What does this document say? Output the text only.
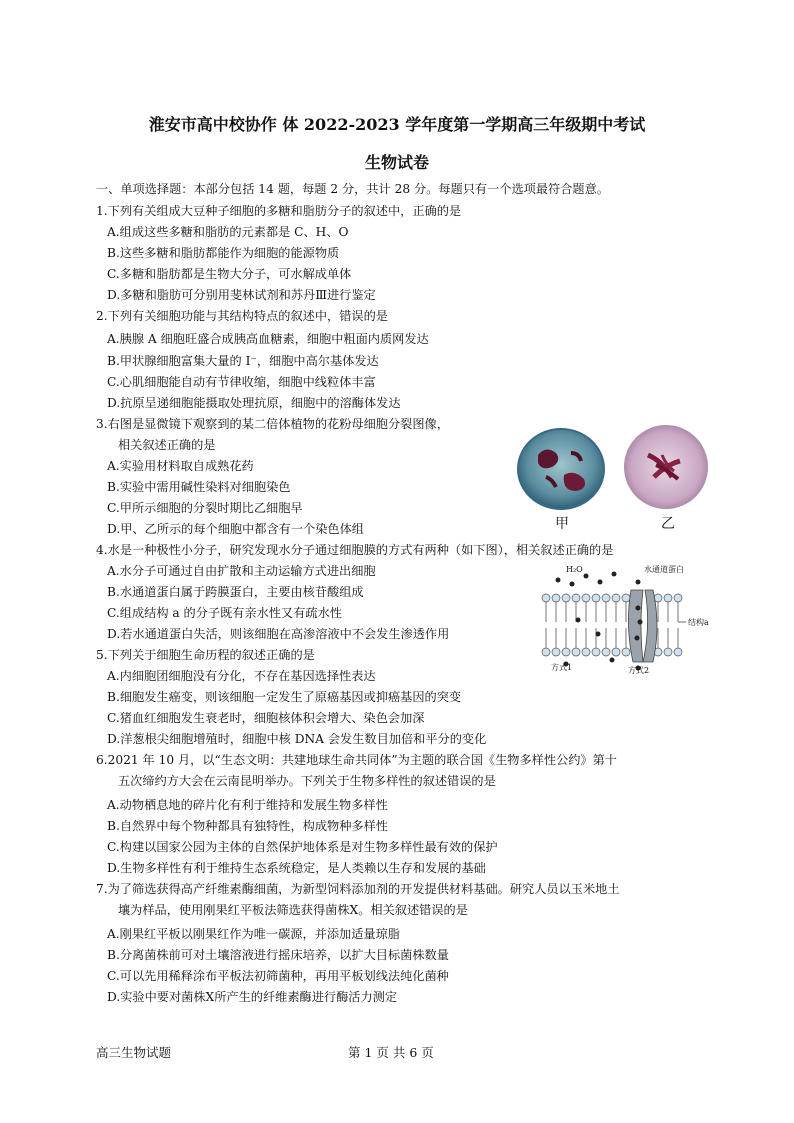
淮安市高中校协作 体 2022-2023 学年度第一学期高三年级期中考试
生物试卷
一、单项选择题：本部分包括 14 题，每题 2 分，共计 28 分。每题只有一个选项最符合题意。
1.下列有关组成大豆种子细胞的多糖和脂肪分子的叙述中，正确的是
A.组成这些多糖和脂肪的元素都是 C、H、O
B.这些多糖和脂肪都能作为细胞的能源物质
C.多糖和脂肪都是生物大分子，可水解成单体
D.多糖和脂肪可分别用斐林试剂和苏丹Ⅲ进行鉴定
2.下列有关细胞功能与其结构特点的叙述中，错误的是
A.胰腺 A 细胞旺盛合成胰高血糖素，细胞中粗面内质网发达
B.甲状腺细胞富集大量的 I⁻，细胞中高尔基体发达
C.心肌细胞能自动有节律收缩，细胞中线粒体丰富
D.抗原呈递细胞能摄取处理抗原，细胞中的溶酶体发达
3.右图是显微镜下观察到的某二倍体植物的花粉母细胞分裂图像，
相关叙述正确的是
A.实验用材料取自成熟花药
B.实验中需用碱性染料对细胞染色
C.甲所示细胞的分裂时期比乙细胞早
D.甲、乙所示的每个细胞中都含有一个染色体组	甲	乙
4.水是一种极性小分子，研究发现水分子通过细胞膜的方式有两种（如下图），相关叙述正确的是
A.水分子可通过自由扩散和主动运输方式进出细胞
B.水通道蛋白属于跨膜蛋白，主要由核苷酸组成
C.组成结构 a 的分子既有亲水性又有疏水性
D.若水通道蛋白失活，则该细胞在高渗溶液中不会发生渗透作用
H₂O	水通道蛋白
结构a
方式1	方式2
5.下列关于细胞生命历程的叙述正确的是
A.内细胞团细胞没有分化，不存在基因选择性表达
B.细胞发生癌变，则该细胞一定发生了原癌基因或抑癌基因的突变
C.猪血红细胞发生衰老时，细胞核体积会增大、染色会加深
D.洋葱根尖细胞增殖时，细胞中核 DNA 会发生数目加倍和平分的变化
6.2021 年 10 月，以“生态文明：共建地球生命共同体”为主题的联合国《生物多样性公约》第十
五次缔约方大会在云南昆明举办。下列关于生物多样性的叙述错误的是
A.动物栖息地的碎片化有利于维持和发展生物多样性
B.自然界中每个物种都具有独特性，构成物种多样性
C.构建以国家公园为主体的自然保护地体系是对生物多样性最有效的保护
D.生物多样性有利于维持生态系统稳定，是人类赖以生存和发展的基础
7.为了筛选获得高产纤维素酶细菌，为新型饲料添加剂的开发提供材料基础。研究人员以玉米地土
壤为样品，使用刚果红平板法筛选获得菌株X。相关叙述错误的是
A.刚果红平板以刚果红作为唯一碳源，并添加适量琼脂
B.分离菌株前可对土壤溶液进行摇床培养，以扩大目标菌株数量
C.可以先用稀释涂布平板法初筛菌种，再用平板划线法纯化菌种
D.实验中要对菌株X所产生的纤维素酶进行酶活力测定
高三生物试题	第 1 页 共 6 页
